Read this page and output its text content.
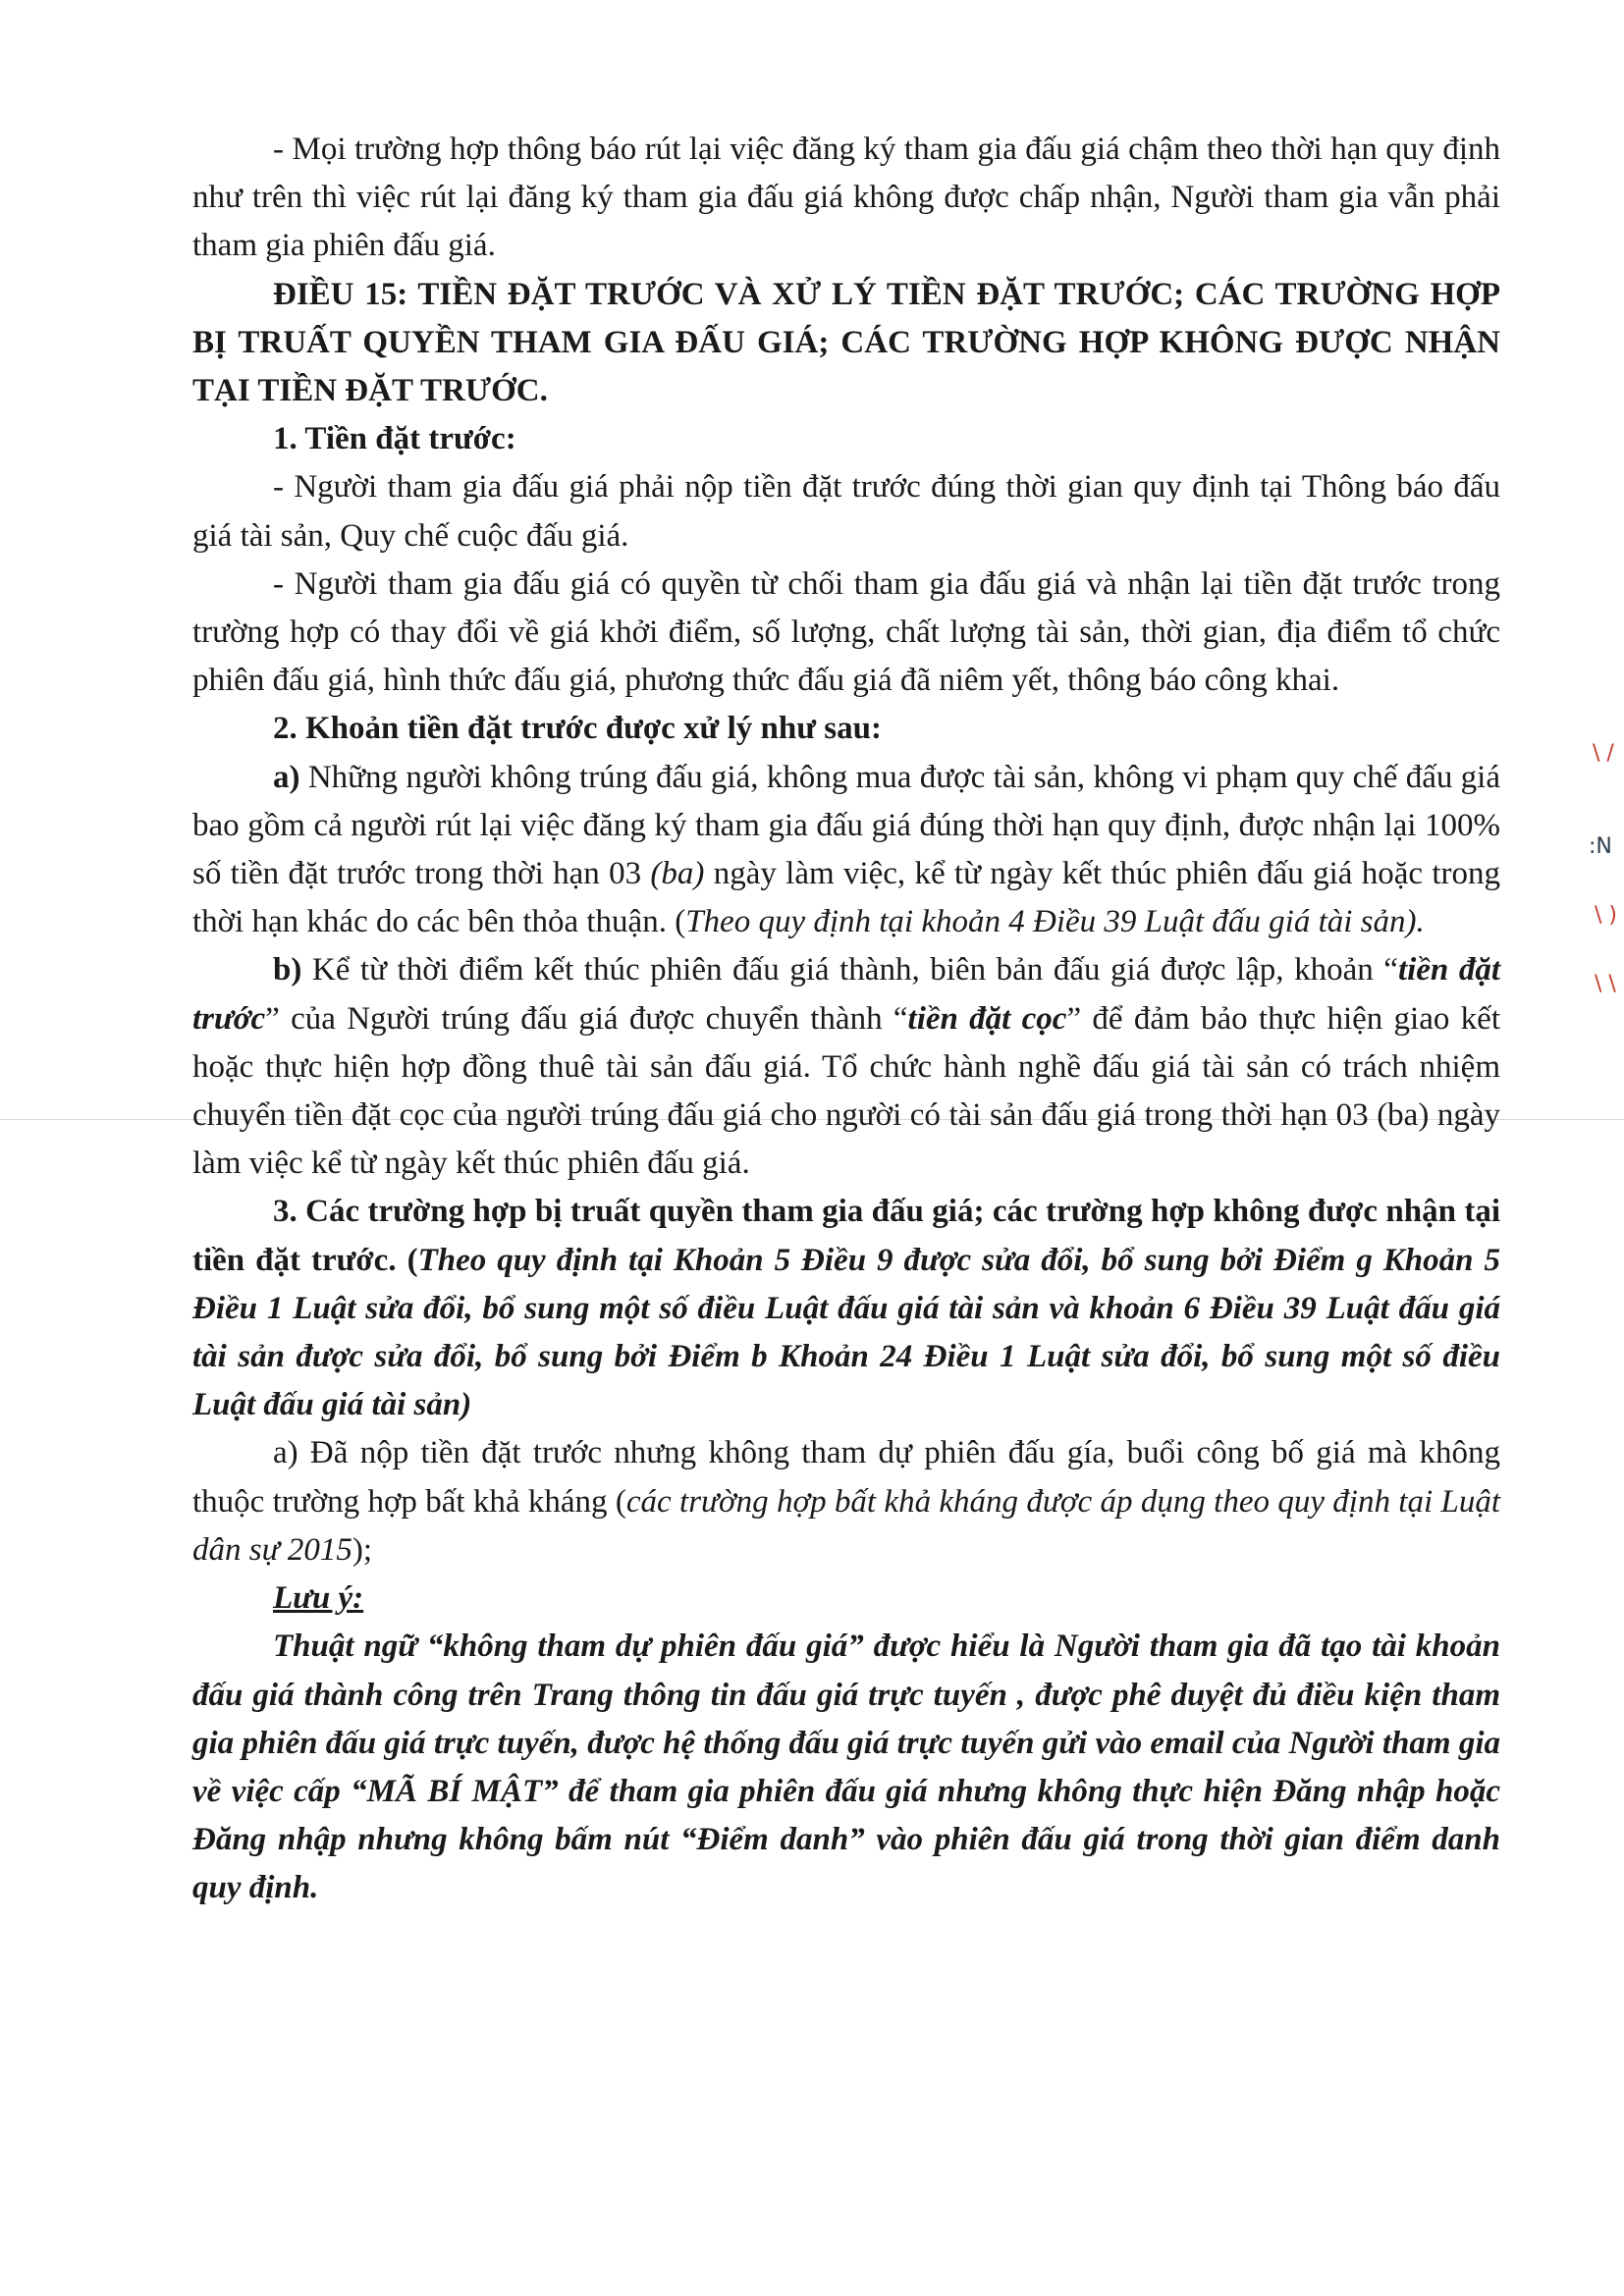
\ /
:N
\ )
\ \

- Mọi trường hợp thông báo rút lại việc đăng ký tham gia đấu giá chậm theo thời hạn quy định như trên thì việc rút lại đăng ký tham gia đấu giá không được chấp nhận, Người tham gia vẫn phải tham gia phiên đấu giá.

ĐIỀU 15: TIỀN ĐẶT TRƯỚC VÀ XỬ LÝ TIỀN ĐẶT TRƯỚC; CÁC TRƯỜNG HỢP BỊ TRUẤT QUYỀN THAM GIA ĐẤU GIÁ; CÁC TRƯỜNG HỢP KHÔNG ĐƯỢC NHẬN TẠI TIỀN ĐẶT TRƯỚC.

1. Tiền đặt trước:

- Người tham gia đấu giá phải nộp tiền đặt trước đúng thời gian quy định tại Thông báo đấu giá tài sản, Quy chế cuộc đấu giá.

- Người tham gia đấu giá có quyền từ chối tham gia đấu giá và nhận lại tiền đặt trước trong trường hợp có thay đổi về giá khởi điểm, số lượng, chất lượng tài sản, thời gian, địa điểm tổ chức phiên đấu giá, hình thức đấu giá, phương thức đấu giá đã niêm yết, thông báo công khai.

2. Khoản tiền đặt trước được xử lý như sau:

a) Những người không trúng đấu giá, không mua được tài sản, không vi phạm quy chế đấu giá bao gồm cả người rút lại việc đăng ký tham gia đấu giá đúng thời hạn quy định, được nhận lại 100% số tiền đặt trước trong thời hạn 03 (ba) ngày làm việc, kể từ ngày kết thúc phiên đấu giá hoặc trong thời hạn khác do các bên thỏa thuận. (Theo quy định tại khoản 4 Điều 39 Luật đấu giá tài sản).

b) Kể từ thời điểm kết thúc phiên đấu giá thành, biên bản đấu giá được lập, khoản “tiền đặt trước” của Người trúng đấu giá được chuyển thành “tiền đặt cọc” để đảm bảo thực hiện giao kết hoặc thực hiện hợp đồng thuê tài sản đấu giá. Tổ chức hành nghề đấu giá tài sản có trách nhiệm chuyển tiền đặt cọc của người trúng đấu giá cho người có tài sản đấu giá trong thời hạn 03 (ba) ngày làm việc kể từ ngày kết thúc phiên đấu giá.

3. Các trường hợp bị truất quyền tham gia đấu giá; các trường hợp không được nhận tại tiền đặt trước. (Theo quy định tại Khoản 5 Điều 9 được sửa đổi, bổ sung bởi Điểm g Khoản 5 Điều 1 Luật sửa đổi, bổ sung một số điều Luật đấu giá tài sản và khoản 6 Điều 39 Luật đấu giá tài sản được sửa đổi, bổ sung bởi Điểm b Khoản 24 Điều 1 Luật sửa đổi, bổ sung một số điều Luật đấu giá tài sản)

a) Đã nộp tiền đặt trước nhưng không tham dự phiên đấu gía, buổi công bố giá mà không thuộc trường hợp bất khả kháng (các trường hợp bất khả kháng được áp dụng theo quy định tại Luật dân sự 2015);

Lưu ý:

Thuật ngữ “không tham dự phiên đấu giá” được hiểu là Người tham gia đã tạo tài khoản đấu giá thành công trên Trang thông tin đấu giá trực tuyến , được phê duyệt đủ điều kiện tham gia phiên đấu giá trực tuyến, được hệ thống đấu giá trực tuyến gửi vào email của Người tham gia về việc cấp “MÃ BÍ MẬT” để tham gia phiên đấu giá nhưng không thực hiện Đăng nhập hoặc Đăng nhập nhưng không bấm nút “Điểm danh” vào phiên đấu giá trong thời gian điểm danh quy định.
